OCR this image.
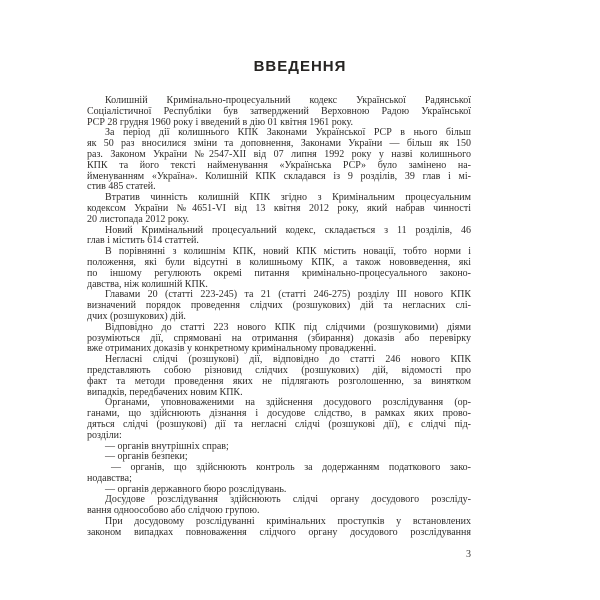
ВВЕДЕННЯ
Колишній Кримінально-процесуальний кодекс Української Радянської
Соціалістичної Республіки був затверджений Верховною Радою Української
РСР 28 грудня 1960 року і введений в дію 01 квітня 1961 року.
За період дії колишнього КПК Законами Української РСР в нього більш
як 50 раз вносилися зміни та доповнення, Законами України — більш як 150
раз. Законом України №2547-XII від 07 липня 1992 року у назві колишнього
КПК та його тексті найменування «Українська РСР» було замінено на-
йменуванням «Україна». Колишній КПК складався із 9 розділів, 39 глав і мі-
стив 485 статей.
Втратив чинність колишній КПК згідно з Кримінальним процесуальним
кодексом України №4651-VI від 13 квітня 2012 року, який набрав чинності
20 листопада 2012 року.
Новий Кримінальний процесуальний кодекс, складається з 11 розділів, 46
глав і містить 614 статтей.
В порівнянні з колишнім КПК, новий КПК містить новації, тобто норми і
положення, які були відсутні в колишньому КПК, а також нововведення, які
по іншому регулюють окремі питання кримінально-процесуального законо-
давства, ніж колишній КПК.
Главами 20 (статті 223-245) та 21 (статті 246-275) розділу III нового КПК
визначений порядок проведення слідчих (розшукових) дій та негласних слі-
дчих (розшукових) дій.
Відповідно до статті 223 нового КПК під слідчими (розшуковими) діями
розуміються дії, спрямовані на отримання (збирання) доказів або перевірку
вже отриманих доказів у конкретному кримінальному провадженні.
Негласні слідчі (розшукові) дії, відповідно до статті 246 нового КПК
представляють собою різновид слідчих (розшукових) дій, відомості про
факт та методи проведення яких не підлягають розголошенню, за винятком
випадків, передбачених новим КПК.
Органами, уповноваженими на здійснення досудового розслідування (ор-
ганами, що здійснюють дізнання і досудове слідство, в рамках яких прово-
дяться слідчі (розшукові) дії та негласні слідчі (розшукові дії), є слідчі під-
розділи:
— органів внутрішніх справ;
— органів безпеки;
— органів, що здійснюють контроль за додержанням податкового зако-
нодавства;
— органів державного бюро розслідувань.
Досудове розслідування здійснюють слідчі органу досудового розсліду-
вання одноособово або слідчою групою.
При досудовому розслідуванні кримінальних проступків у встановлених
законом випадках повноваження слідчого органу досудового розслідування
3
